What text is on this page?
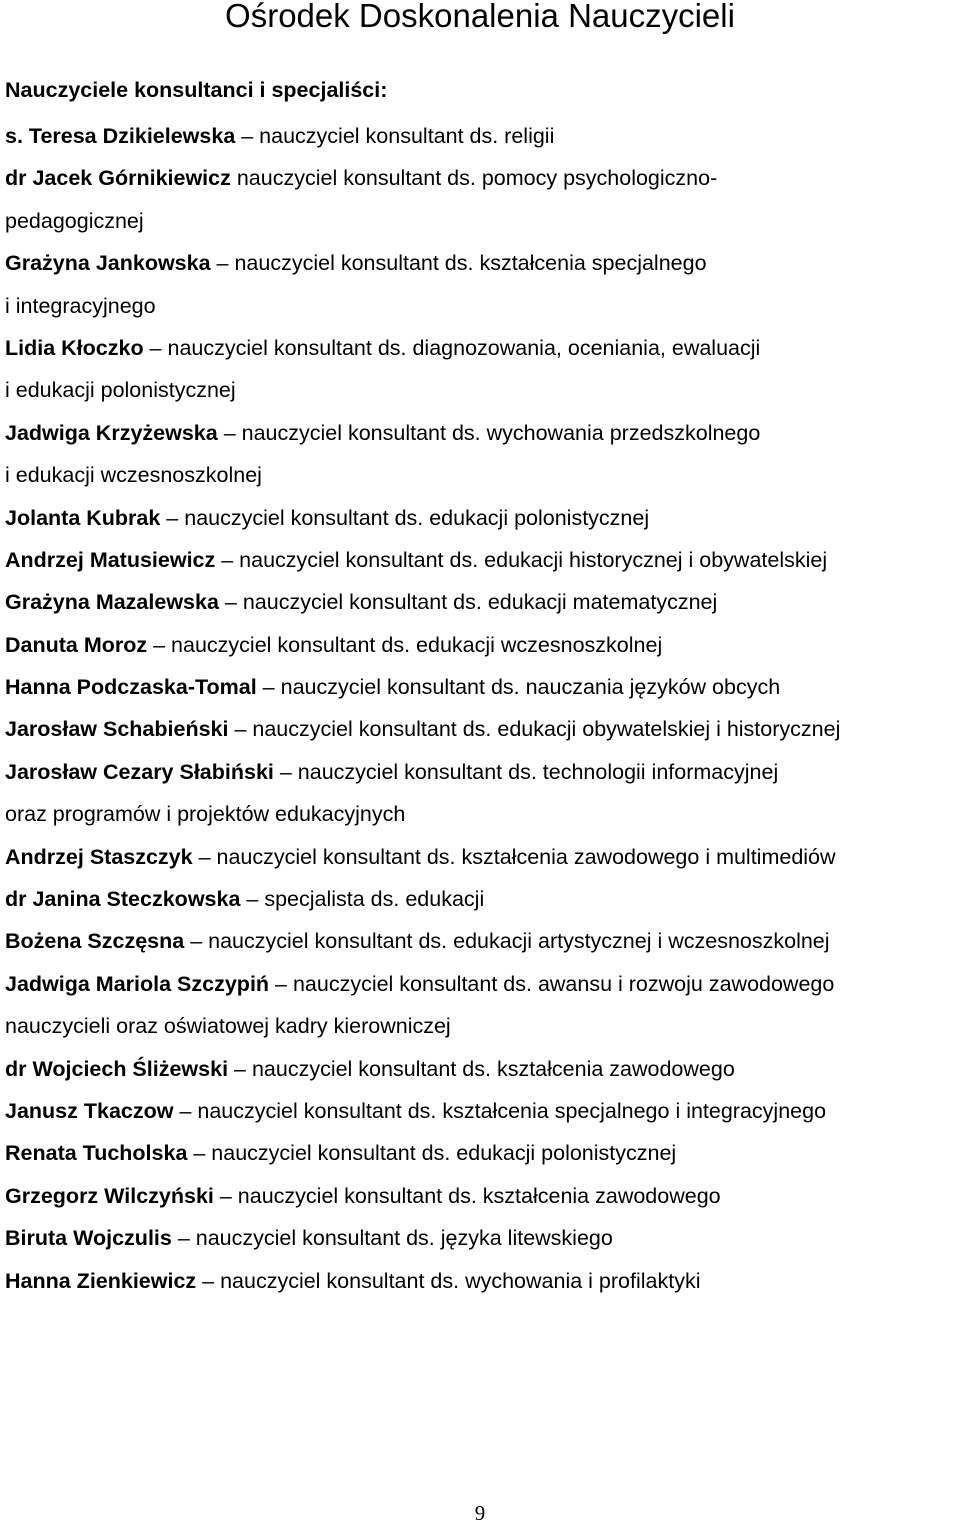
Ośrodek Doskonalenia Nauczycieli
Nauczyciele konsultanci i specjaliści:
s. Teresa Dzikielewska – nauczyciel konsultant ds. religii
dr Jacek Górnikiewicz nauczyciel konsultant ds. pomocy psychologiczno-
pedagogicznej
Grażyna Jankowska – nauczyciel konsultant ds. kształcenia specjalnego
i integracyjnego
Lidia Kłoczko – nauczyciel konsultant ds. diagnozowania, oceniania, ewaluacji
i edukacji polonistycznej
Jadwiga Krzyżewska – nauczyciel konsultant ds. wychowania przedszkolnego
i edukacji wczesnoszkolnej
Jolanta Kubrak – nauczyciel konsultant ds. edukacji polonistycznej
Andrzej Matusiewicz – nauczyciel konsultant ds. edukacji historycznej i obywatelskiej
Grażyna Mazalewska – nauczyciel konsultant ds. edukacji matematycznej
Danuta Moroz – nauczyciel konsultant ds. edukacji wczesnoszkolnej
Hanna Podczaska-Tomal – nauczyciel konsultant ds. nauczania języków obcych
Jarosław Schabieński – nauczyciel konsultant ds. edukacji obywatelskiej i historycznej
Jarosław Cezary Słabiński – nauczyciel konsultant ds. technologii informacyjnej
oraz programów i projektów edukacyjnych
Andrzej Staszczyk – nauczyciel konsultant ds. kształcenia zawodowego i multimediów
dr Janina Steczkowska – specjalista ds. edukacji
Bożena Szczęsna – nauczyciel konsultant ds. edukacji artystycznej i wczesnoszkolnej
Jadwiga Mariola Szczypiń – nauczyciel konsultant ds. awansu i rozwoju zawodowego
nauczycieli oraz oświatowej kadry kierowniczej
dr Wojciech Śliżewski – nauczyciel konsultant ds. kształcenia zawodowego
Janusz Tkaczow – nauczyciel konsultant ds. kształcenia specjalnego i integracyjnego
Renata Tucholska – nauczyciel konsultant ds. edukacji polonistycznej
Grzegorz Wilczyński – nauczyciel konsultant ds. kształcenia zawodowego
Biruta Wojczulis – nauczyciel konsultant ds. języka litewskiego
Hanna Zienkiewicz – nauczyciel konsultant ds. wychowania i profilaktyki
9
